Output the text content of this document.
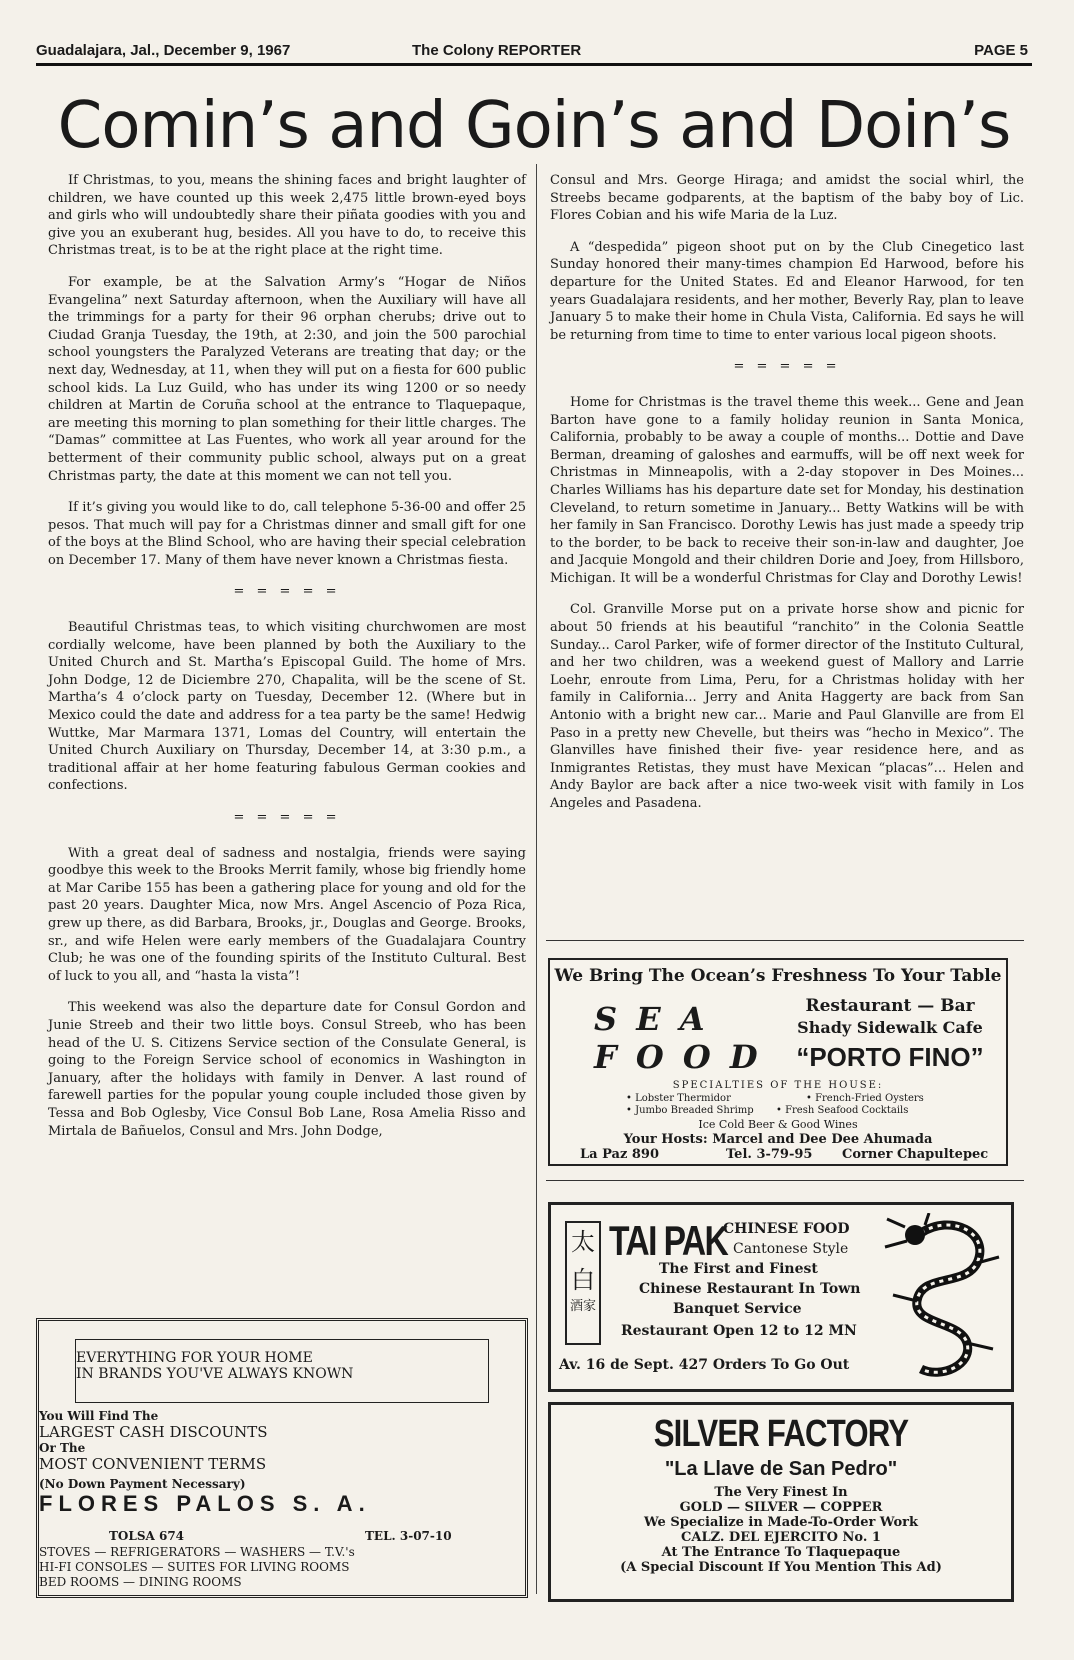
Guadalajara, Jal., December 9, 1967	The Colony REPORTER	PAGE 5
Comin’s and Goin’s and Doin’s

If Christmas, to you, means the shining faces and bright laughter of children, we have counted up this week 2,475 little brown-eyed boys and girls who will undoubtedly share their piñata goodies with you and give you an exuberant hug, besides. All you have to do, to receive this Christmas treat, is to be at the right place at the right time.

For example, be at the Salvation Army’s “Hogar de Niños Evangelina” next Saturday afternoon, when the Auxiliary will have all the trimmings for a party for their 96 orphan cherubs; drive out to Ciudad Granja Tuesday, the 19th, at 2:30, and join the 500 parochial school youngsters the Paralyzed Veterans are treating that day; or the next day, Wednesday, at 11, when they will put on a fiesta for 600 public school kids. La Luz Guild, who has under its wing 1200 or so needy children at Martin de Coruña school at the entrance to Tlaquepaque, are meeting this morning to plan something for their little charges. The “Damas” committee at Las Fuentes, who work all year around for the betterment of their community public school, always put on a great Christmas party, the date at this moment we can not tell you.

If it’s giving you would like to do, call telephone 5-36-00 and offer 25 pesos. That much will pay for a Christmas dinner and small gift for one of the boys at the Blind School, who are having their special celebration on December 17. Many of them have never known a Christmas fiesta.

= = = = =

Beautiful Christmas teas, to which visiting churchwomen are most cordially welcome, have been planned by both the Auxiliary to the United Church and St. Martha’s Episcopal Guild. The home of Mrs. John Dodge, 12 de Diciembre 270, Chapalita, will be the scene of St. Martha’s 4 o’clock party on Tuesday, December 12. (Where but in Mexico could the date and address for a tea party be the same! Hedwig Wuttke, Mar Marmara 1371, Lomas del Country, will entertain the United Church Auxiliary on Thursday, December 14, at 3:30 p.m., a traditional affair at her home featuring fabulous German cookies and confections.

= = = = =

With a great deal of sadness and nostalgia, friends were saying goodbye this week to the Brooks Merrit family, whose big friendly home at Mar Caribe 155 has been a gathering place for young and old for the past 20 years. Daughter Mica, now Mrs. Angel Ascencio of Poza Rica, grew up there, as did Barbara, Brooks, jr., Douglas and George. Brooks, sr., and wife Helen were early members of the Guadalajara Country Club; he was one of the founding spirits of the Instituto Cultural. Best of luck to you all, and “hasta la vista”!

This weekend was also the departure date for Consul Gordon and Junie Streeb and their two little boys. Consul Streeb, who has been head of the U. S. Citizens Service section of the Consulate General, is going to the Foreign Service school of economics in Washington in January, after the holidays with family in Denver. A last round of farewell parties for the popular young couple included those given by Tessa and Bob Oglesby, Vice Consul Bob Lane, Rosa Amelia Risso and Mirtala de Bañuelos, Consul and Mrs. John Dodge,

Consul and Mrs. George Hiraga; and amidst the social whirl, the Streebs became godparents, at the baptism of the baby boy of Lic. Flores Cobian and his wife Maria de la Luz.

A “despedida” pigeon shoot put on by the Club Cinegetico last Sunday honored their many-times champion Ed Harwood, before his departure for the United States. Ed and Eleanor Harwood, for ten years Guadalajara residents, and her mother, Beverly Ray, plan to leave January 5 to make their home in Chula Vista, California. Ed says he will be returning from time to time to enter various local pigeon shoots.

= = = = =

Home for Christmas is the travel theme this week... Gene and Jean Barton have gone to a family holiday reunion in Santa Monica, California, probably to be away a couple of months... Dottie and Dave Berman, dreaming of galoshes and earmuffs, will be off next week for Christmas in Minneapolis, with a 2-day stopover in Des Moines... Charles Williams has his departure date set for Monday, his destination Cleveland, to return sometime in January... Betty Watkins will be with her family in San Francisco. Dorothy Lewis has just made a speedy trip to the border, to be back to receive their son-in-law and daughter, Joe and Jacquie Mongold and their children Dorie and Joey, from Hillsboro, Michigan. It will be a wonderful Christmas for Clay and Dorothy Lewis!

Col. Granville Morse put on a private horse show and picnic for about 50 friends at his beautiful “ranchito” in the Colonia Seattle Sunday... Carol Parker, wife of former director of the Instituto Cultural, and her two children, was a weekend guest of Mallory and Larrie Loehr, enroute from Lima, Peru, for a Christmas holiday with her family in California... Jerry and Anita Haggerty are back from San Antonio with a bright new car... Marie and Paul Glanville are from El Paso in a pretty new Chevelle, but theirs was “hecho in Mexico”. The Glanvilles have finished their five- year residence here, and as Inmigrantes Retistas, they must have Mexican “placas”... Helen and Andy Baylor are back after a nice two-week visit with family in Los Angeles and Pasadena.

We Bring The Ocean’s Freshness To Your Table
S E A
F O O D
Restaurant — Bar
Shady Sidewalk Cafe
“PORTO FINO”
SPECIALTIES OF THE HOUSE:
• Lobster Thermidor	• French-Fried Oysters
• Jumbo Breaded Shrimp • Fresh Seafood Cocktails
Ice Cold Beer & Good Wines
Your Hosts: Marcel and Dee Dee Ahumada
La Paz 890	Tel. 3-79-95 Corner Chapultepec
太
白
酒家
TAI PAK
CHINESE FOOD
Cantonese Style
The First and Finest
Chinese Restaurant In Town
Banquet Service
Restaurant Open 12 to 12 MN
Av. 16 de Sept. 427 Orders To Go Out
SILVER FACTORY
"La Llave de San Pedro"
The Very Finest In
GOLD — SILVER — COPPER
We Specialize in Made-To-Order Work
CALZ. DEL EJERCITO No. 1
At The Entrance To Tlaquepaque
(A Special Discount If You Mention This Ad)
EVERYTHING FOR YOUR HOME
IN BRANDS YOU'VE ALWAYS KNOWN
You Will Find The
LARGEST CASH DISCOUNTS
Or The
MOST CONVENIENT TERMS
(No Down Payment Necessary)
FLORES PALOS S. A.
TOLSA 674	TEL. 3-07-10
STOVES — REFRIGERATORS — WASHERS — T.V.'s
HI-FI CONSOLES — SUITES FOR LIVING ROOMS
BED ROOMS — DINING ROOMS
